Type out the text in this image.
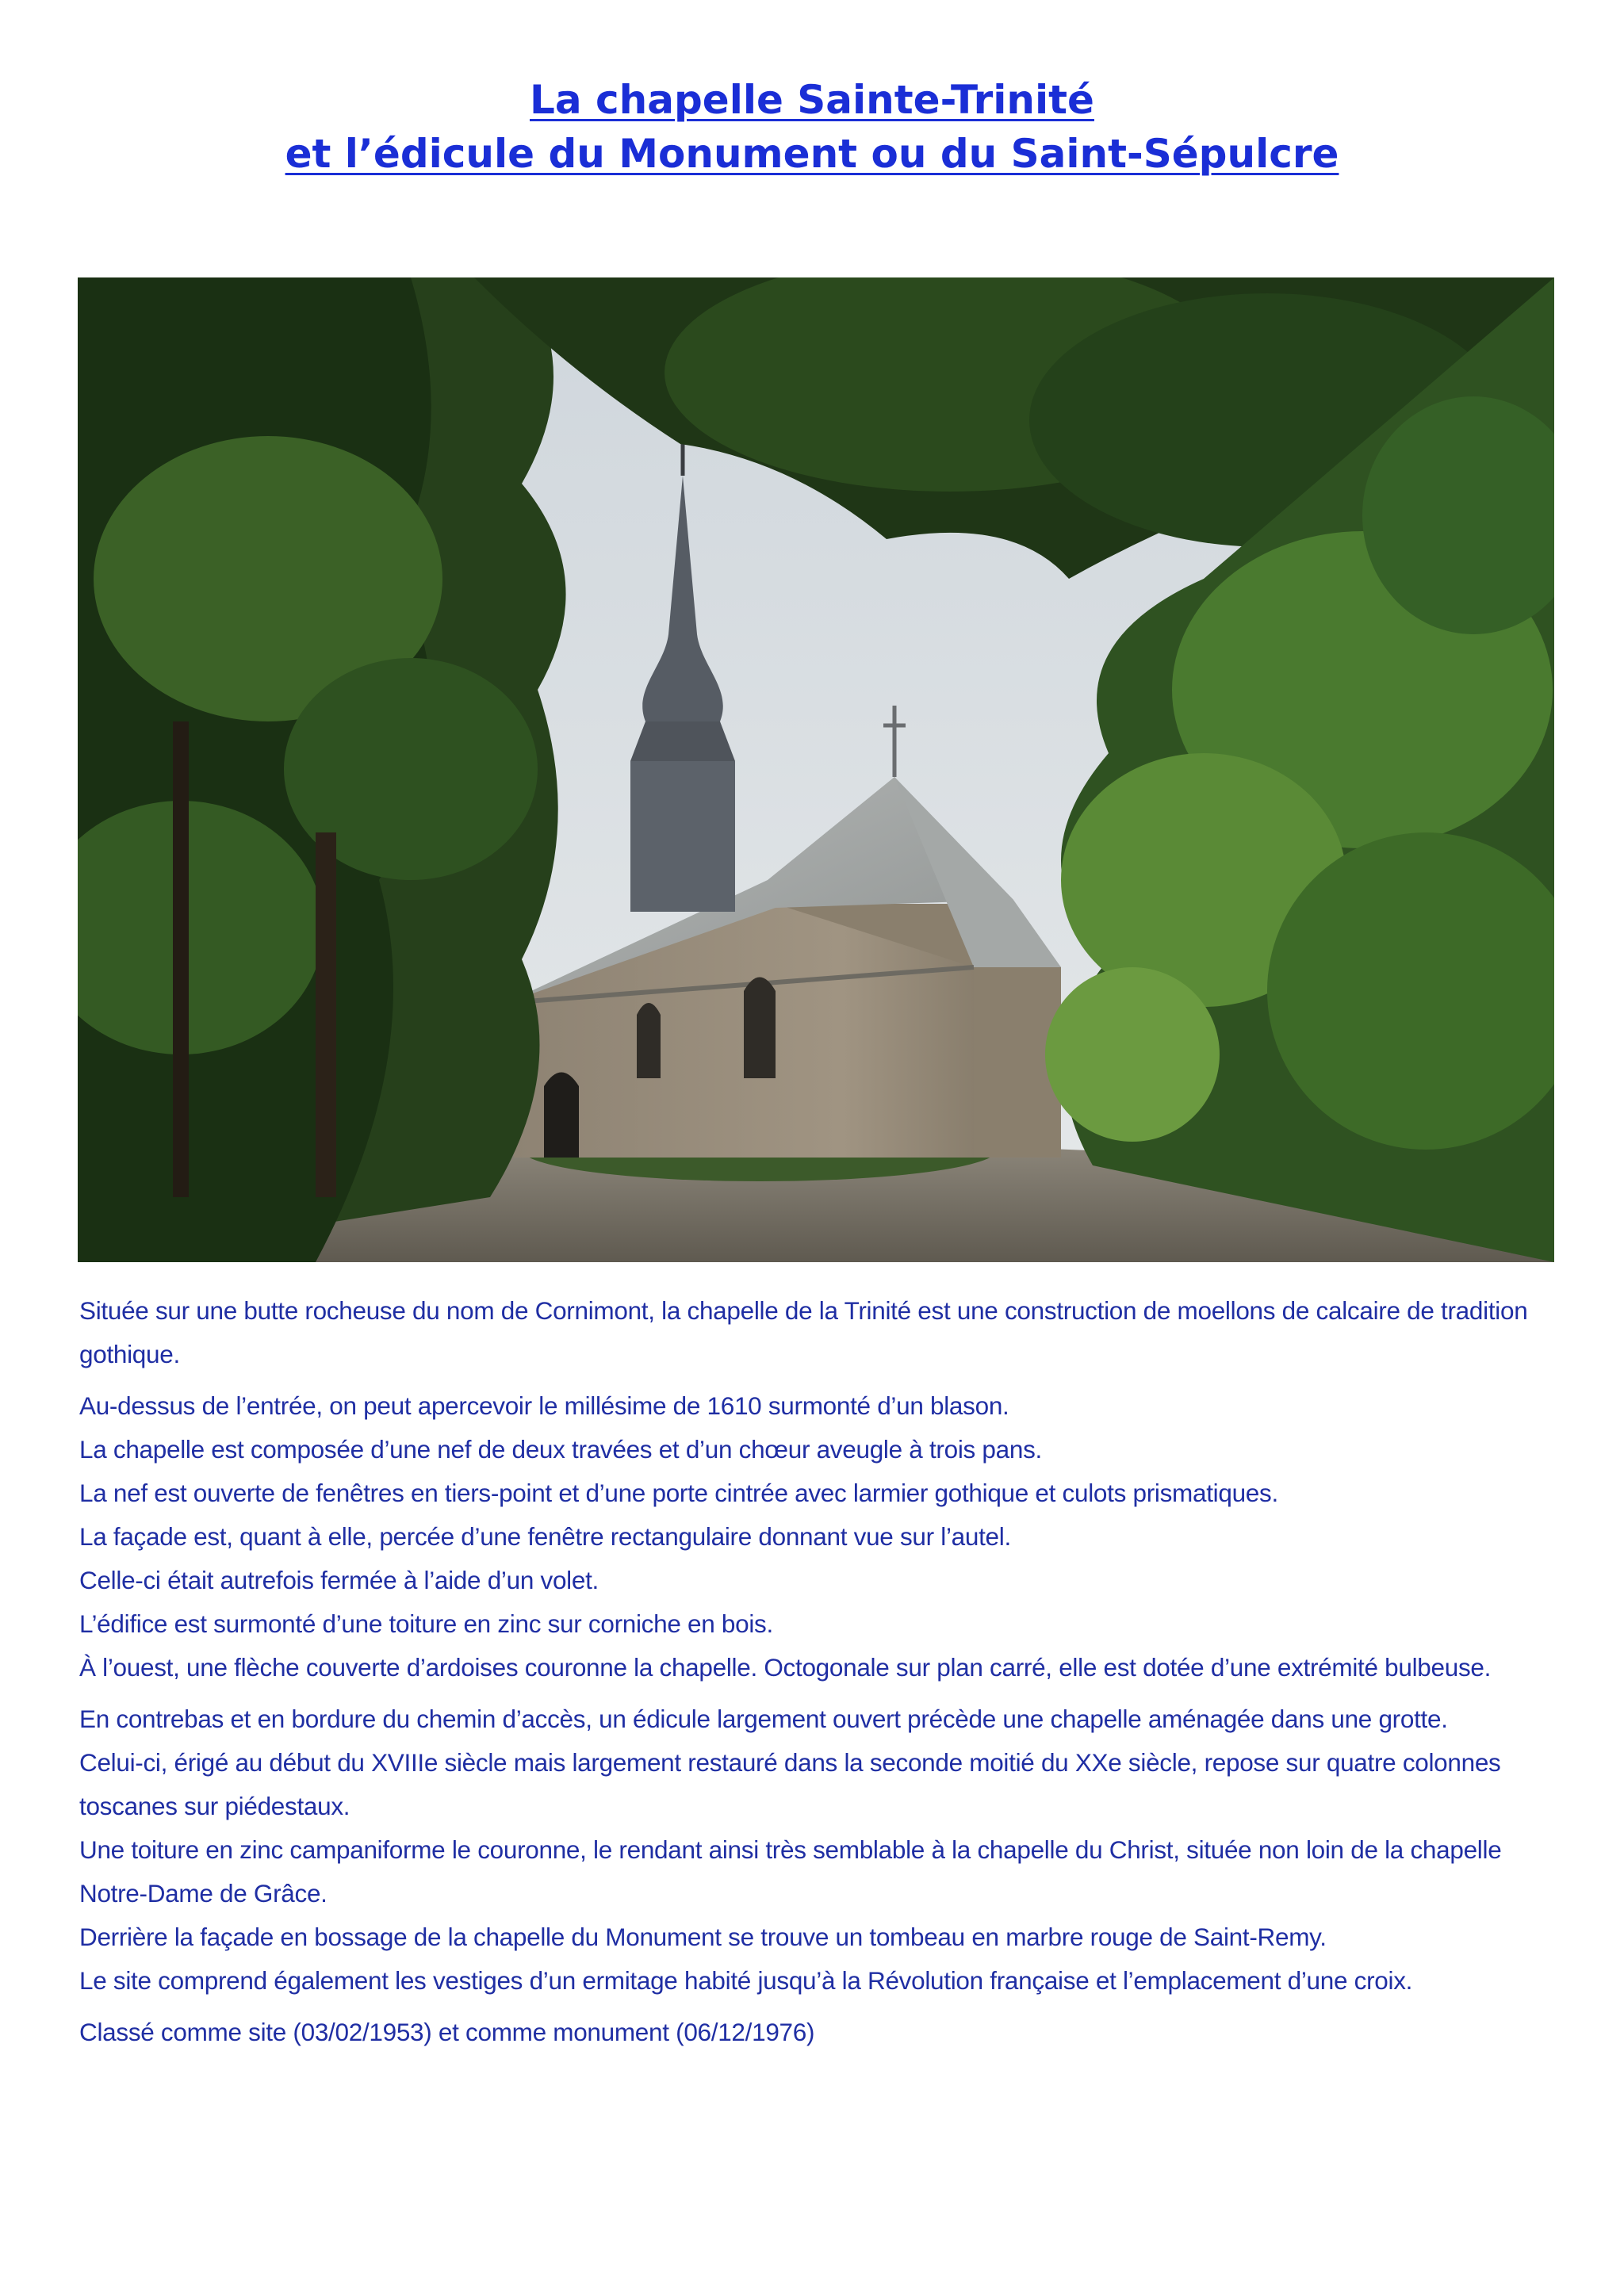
La chapelle Sainte-Trinité
et l’édicule du Monument ou du Saint-Sépulcre

Située sur une butte rocheuse du nom de Cornimont, la chapelle de la Trinité est une construction de moellons de calcaire de tradition gothique.

Au-dessus de l’entrée, on peut apercevoir le millésime de 1610 surmonté d’un blason.
La chapelle est composée d’une nef de deux travées et d’un chœur aveugle à trois pans.
La nef est ouverte de fenêtres en tiers-point et d’une porte cintrée avec larmier gothique et culots prismatiques.
La façade est, quant à elle, percée d’une fenêtre rectangulaire donnant vue sur l’autel.
Celle-ci était autrefois fermée à l’aide d’un volet.
L’édifice est surmonté d’une toiture en zinc sur corniche en bois.
À l’ouest, une flèche couverte d’ardoises couronne la chapelle. Octogonale sur plan carré, elle est dotée d’une extrémité bulbeuse.

En contrebas et en bordure du chemin d’accès, un édicule largement ouvert précède une chapelle aménagée dans une grotte.
Celui-ci, érigé au début du XVIIIe siècle mais largement restauré dans la seconde moitié du XXe siècle, repose sur quatre colonnes toscanes sur piédestaux.
Une toiture en zinc campaniforme le couronne, le rendant ainsi très semblable à la chapelle du Christ, située non loin de la chapelle Notre-Dame de Grâce.
Derrière la façade en bossage de la chapelle du Monument se trouve un tombeau en marbre rouge de Saint-Remy.
Le site comprend également les vestiges d’un ermitage habité jusqu’à la Révolution française et l’emplacement d’une croix.

Classé comme site (03/02/1953) et comme monument (06/12/1976)
